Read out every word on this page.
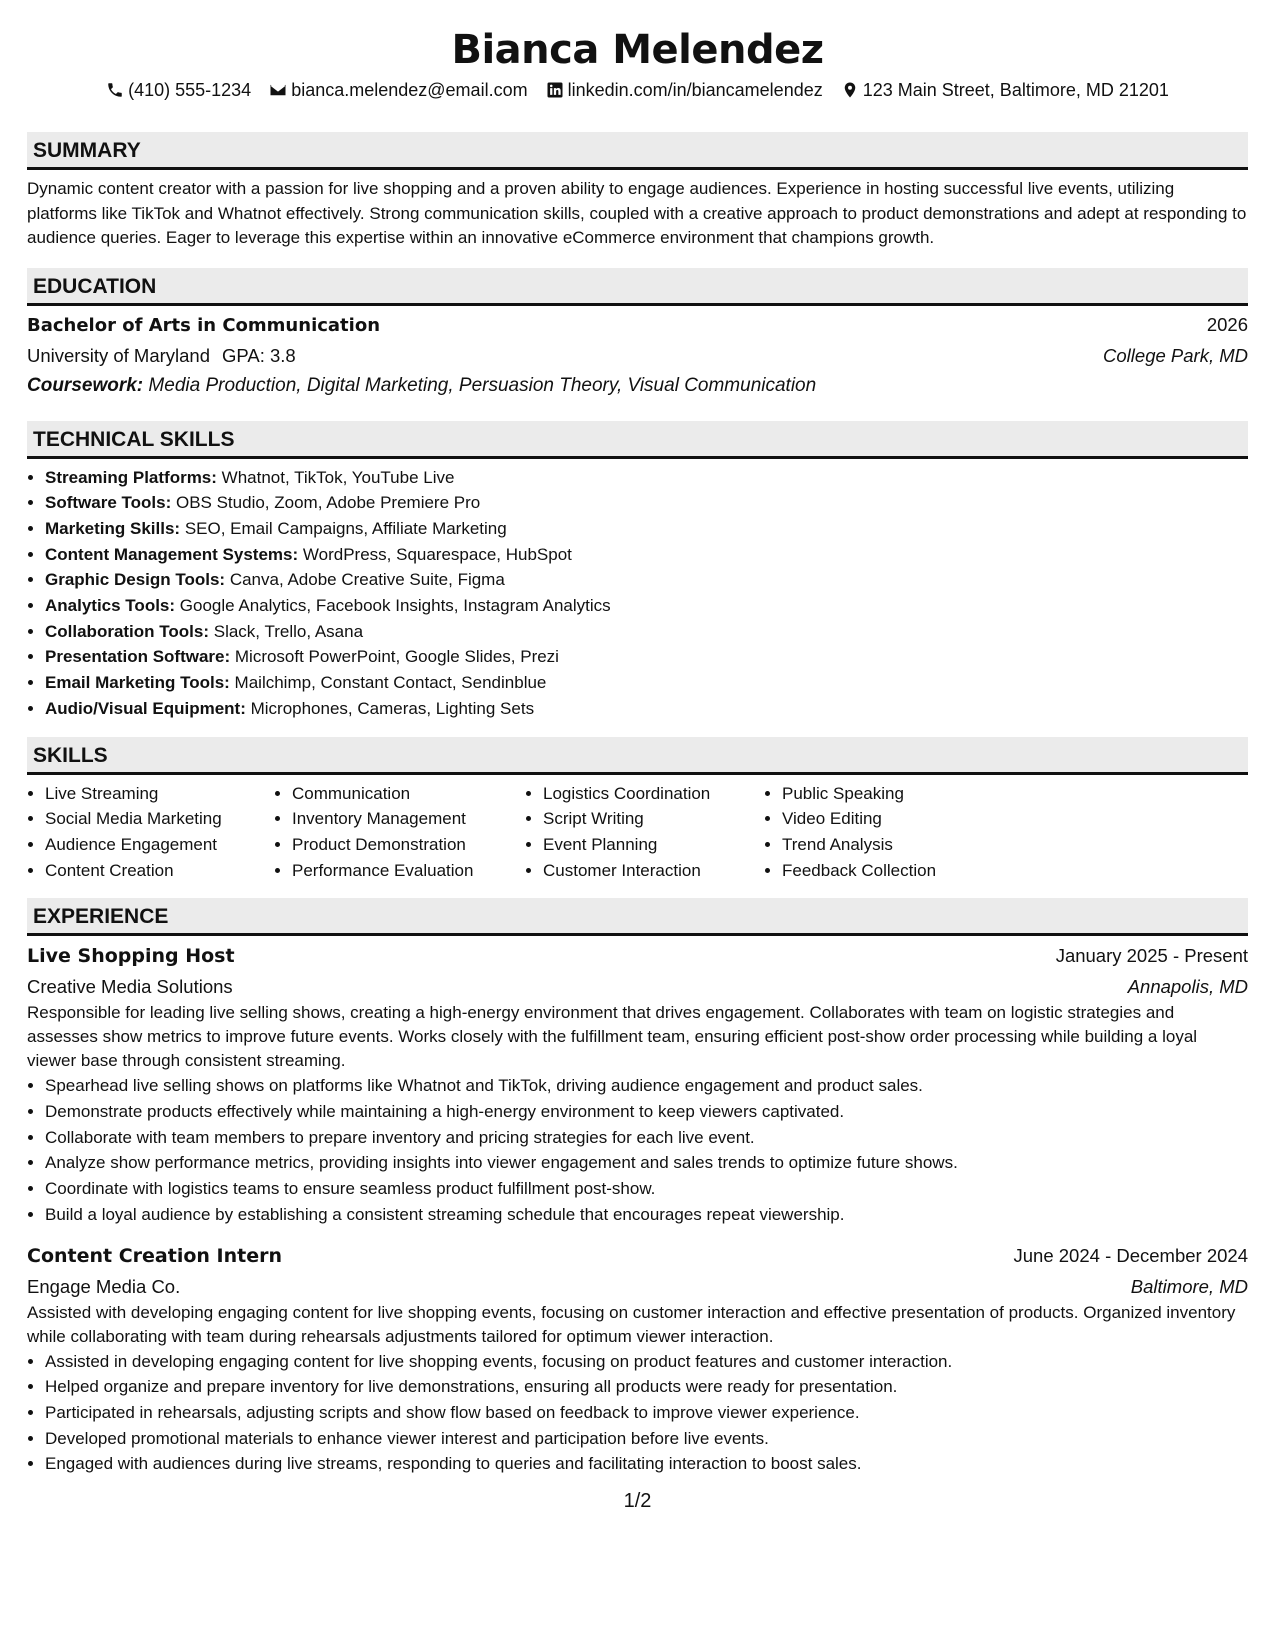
Bianca Melendez
(410) 555-1234 bianca.melendez@email.com linkedin.com/in/biancamelendez 123 Main Street, Baltimore, MD 21201
SUMMARY

Dynamic content creator with a passion for live shopping and a proven ability to engage audiences. Experience in hosting successful live events, utilizing platforms like TikTok and Whatnot effectively. Strong communication skills, coupled with a creative approach to product demonstrations and adept at responding to audience queries. Eager to leverage this expertise within an innovative eCommerce environment that champions growth.

EDUCATION
Bachelor of Arts in Communication	2026
University of Maryland GPA: 3.8	College Park, MD
Coursework: Media Production, Digital Marketing, Persuasion Theory, Visual Communication
TECHNICAL SKILLS
• Streaming Platforms: Whatnot, TikTok, YouTube Live
• Software Tools: OBS Studio, Zoom, Adobe Premiere Pro
• Marketing Skills: SEO, Email Campaigns, Affiliate Marketing
• Content Management Systems: WordPress, Squarespace, HubSpot
• Graphic Design Tools: Canva, Adobe Creative Suite, Figma
• Analytics Tools: Google Analytics, Facebook Insights, Instagram Analytics
• Collaboration Tools: Slack, Trello, Asana
• Presentation Software: Microsoft PowerPoint, Google Slides, Prezi
• Email Marketing Tools: Mailchimp, Constant Contact, Sendinblue
• Audio/Visual Equipment: Microphones, Cameras, Lighting Sets
SKILLS
• Live Streaming
• Social Media Marketing
• Audience Engagement
• Content Creation
• Communication
• Inventory Management
• Product Demonstration
• Performance Evaluation
• Logistics Coordination
• Script Writing
• Event Planning
• Customer Interaction
• Public Speaking
• Video Editing
• Trend Analysis
• Feedback Collection
EXPERIENCE
Live Shopping Host	January 2025 - Present
Creative Media Solutions	Annapolis, MD

Responsible for leading live selling shows, creating a high-energy environment that drives engagement. Collaborates with team on logistic strategies and assesses show metrics to improve future events. Works closely with the fulfillment team, ensuring efficient post-show order processing while building a loyal viewer base through consistent streaming.

• Spearhead live selling shows on platforms like Whatnot and TikTok, driving audience engagement and product sales.
• Demonstrate products effectively while maintaining a high-energy environment to keep viewers captivated.
• Collaborate with team members to prepare inventory and pricing strategies for each live event.
• Analyze show performance metrics, providing insights into viewer engagement and sales trends to optimize future shows.
• Coordinate with logistics teams to ensure seamless product fulfillment post-show.
• Build a loyal audience by establishing a consistent streaming schedule that encourages repeat viewership.
Content Creation Intern	June 2024 - December 2024
Engage Media Co.	Baltimore, MD

Assisted with developing engaging content for live shopping events, focusing on customer interaction and effective presentation of products. Organized inventory while collaborating with team during rehearsals adjustments tailored for optimum viewer interaction.

• Assisted in developing engaging content for live shopping events, focusing on product features and customer interaction.
• Helped organize and prepare inventory for live demonstrations, ensuring all products were ready for presentation.
• Participated in rehearsals, adjusting scripts and show flow based on feedback to improve viewer experience.
• Developed promotional materials to enhance viewer interest and participation before live events.
• Engaged with audiences during live streams, responding to queries and facilitating interaction to boost sales.
1/2
